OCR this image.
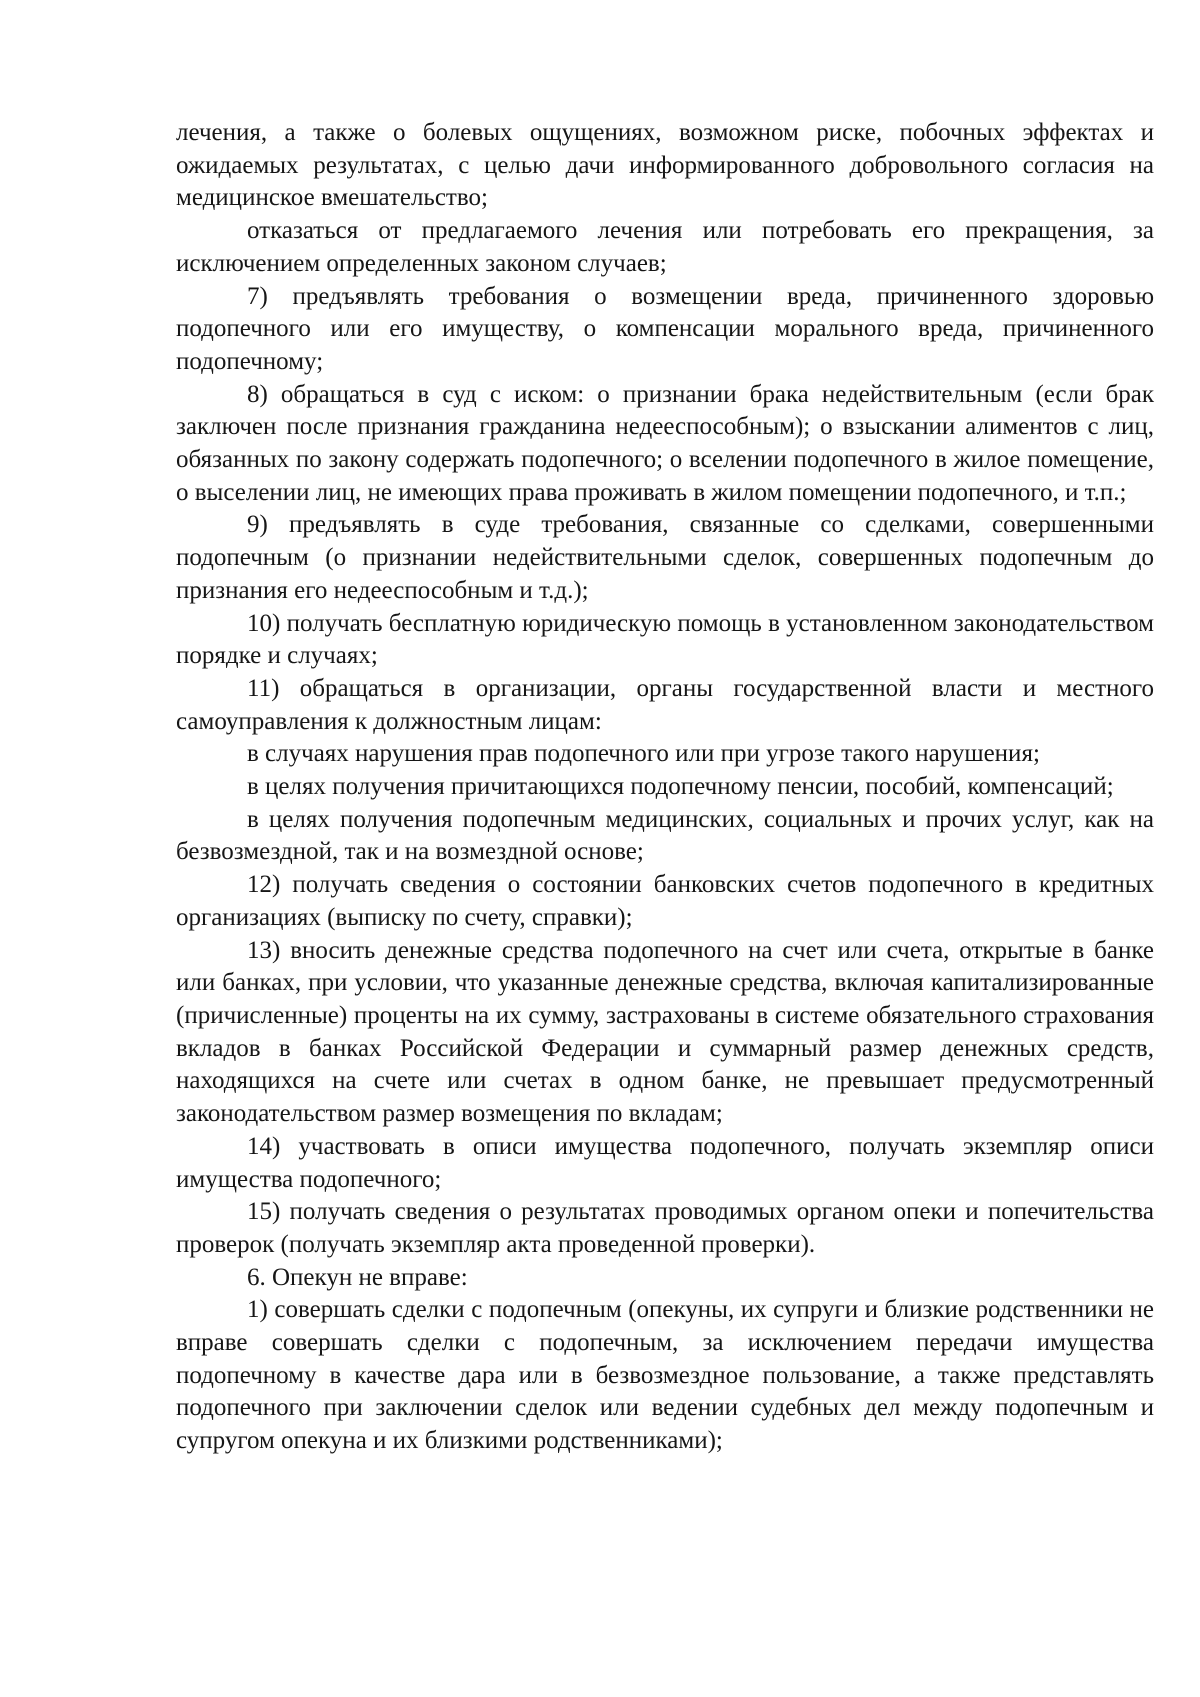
лечения, а также о болевых ощущениях, возможном риске, побочных эффектах и ожидаемых результатах, с целью дачи информированного добровольного согласия на медицинское вмешательство;

отказаться от предлагаемого лечения или потребовать его прекращения, за исключением определенных законом случаев;

7) предъявлять требования о возмещении вреда, причиненного здоровью подопечного или его имуществу, о компенсации морального вреда, причиненного подопечному;

8) обращаться в суд с иском: о признании брака недействительным (если брак заключен после признания гражданина недееспособным); о взыскании алиментов с лиц, обязанных по закону содержать подопечного; о вселении подопечного в жилое помещение, о выселении лиц, не имеющих права проживать в жилом помещении подопечного, и т.п.;

9) предъявлять в суде требования, связанные со сделками, совершенными подопечным (о признании недействительными сделок, совершенных подопечным до признания его недееспособным и т.д.);

10) получать бесплатную юридическую помощь в установленном законодательством порядке и случаях;

11) обращаться в организации, органы государственной власти и местного самоуправления к должностным лицам:

в случаях нарушения прав подопечного или при угрозе такого нарушения;

в целях получения причитающихся подопечному пенсии, пособий, компенсаций;

в целях получения подопечным медицинских, социальных и прочих услуг, как на безвозмездной, так и на возмездной основе;

12) получать сведения о состоянии банковских счетов подопечного в кредитных организациях (выписку по счету, справки);

13) вносить денежные средства подопечного на счет или счета, открытые в банке или банках, при условии, что указанные денежные средства, включая капитализированные (причисленные) проценты на их сумму, застрахованы в системе обязательного страхования вкладов в банках Российской Федерации и суммарный размер денежных средств, находящихся на счете или счетах в одном банке, не превышает предусмотренный законодательством размер возмещения по вкладам;

14) участвовать в описи имущества подопечного, получать экземпляр описи имущества подопечного;

15) получать сведения о результатах проводимых органом опеки и попечительства проверок (получать экземпляр акта проведенной проверки).

6. Опекун не вправе:

1) совершать сделки с подопечным (опекуны, их супруги и близкие родственники не вправе совершать сделки с подопечным, за исключением передачи имущества подопечному в качестве дара или в безвозмездное пользование, а также представлять подопечного при заключении сделок или ведении судебных дел между подопечным и супругом опекуна и их близкими родственниками);
